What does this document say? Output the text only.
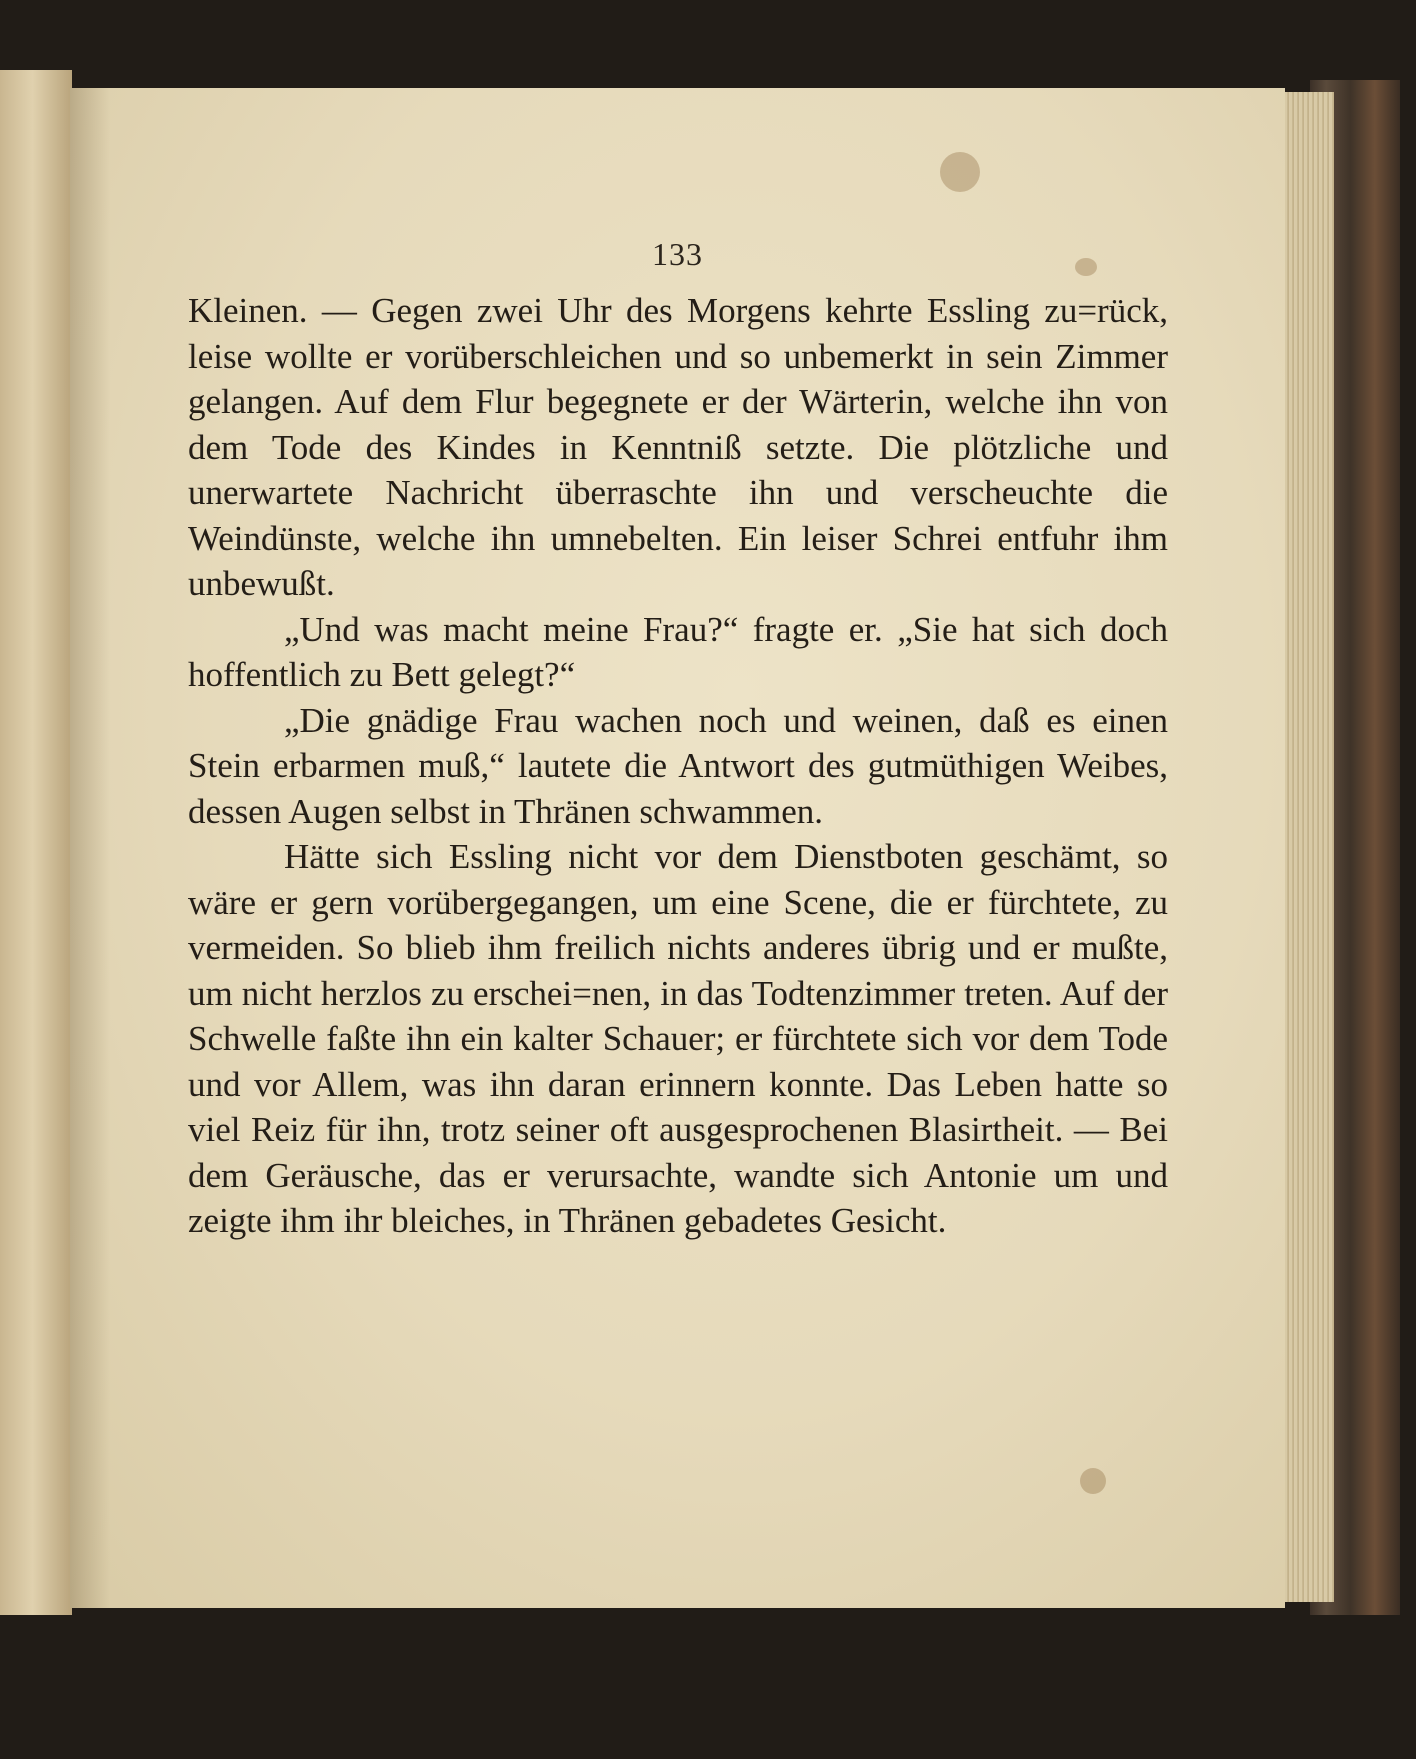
133

Kleinen. — Gegen zwei Uhr des Morgens kehrte Essling zu=rück, leise wollte er vorüberschleichen und so unbemerkt in sein Zimmer gelangen. Auf dem Flur begegnete er der Wärterin, welche ihn von dem Tode des Kindes in Kenntniß setzte. Die plötzliche und unerwartete Nachricht überraschte ihn und verscheuchte die Weindünste, welche ihn umnebelten. Ein leiser Schrei entfuhr ihm unbewußt.

„Und was macht meine Frau?“ fragte er. „Sie hat sich doch hoffentlich zu Bett gelegt?“

„Die gnädige Frau wachen noch und weinen, daß es einen Stein erbarmen muß,“ lautete die Antwort des gutmüthigen Weibes, dessen Augen selbst in Thränen schwammen.

Hätte sich Essling nicht vor dem Dienstboten geschämt, so wäre er gern vorübergegangen, um eine Scene, die er fürchtete, zu vermeiden. So blieb ihm freilich nichts anderes übrig und er mußte, um nicht herzlos zu erschei=nen, in das Todtenzimmer treten. Auf der Schwelle faßte ihn ein kalter Schauer; er fürchtete sich vor dem Tode und vor Allem, was ihn daran erinnern konnte. Das Leben hatte so viel Reiz für ihn, trotz seiner oft ausgesprochenen Blasirtheit. — Bei dem Geräusche, das er verursachte, wandte sich Antonie um und zeigte ihm ihr bleiches, in Thränen gebadetes Gesicht.
